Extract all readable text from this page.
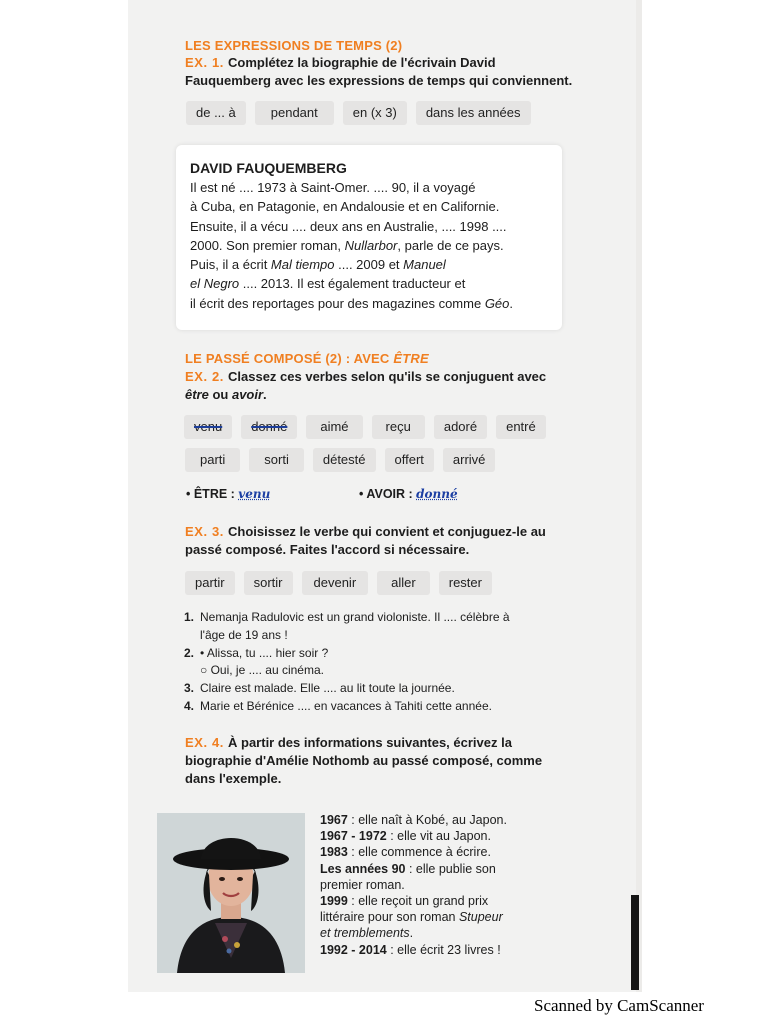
LES EXPRESSIONS DE TEMPS (2)
EX. 1. Complétez la biographie de l'écrivain David
Fauquemberg avec les expressions de temps qui conviennent.
de ... à	pendant	en (x 3)	dans les années
DAVID FAUQUEMBERG
Il est né .... 1973 à Saint-Omer. .... 90, il a voyagé
à Cuba, en Patagonie, en Andalousie et en Californie.
Ensuite, il a vécu .... deux ans en Australie, .... 1998 ....
2000. Son premier roman, Nullarbor, parle de ce pays.
Puis, il a écrit Mal tiempo .... 2009 et Manuel
el Negro .... 2013. Il est également traducteur et
il écrit des reportages pour des magazines comme Géo.
LE PASSÉ COMPOSÉ (2) : AVEC ÊTRE
EX. 2. Classez ces verbes selon qu'ils se conjuguent avec
être ou avoir.
venu	donné	aimé	reçu	adoré	entré
parti	sorti	détesté	offert	arrivé
• ÊTRE : venu	• AVOIR : donné
EX. 3. Choisissez le verbe qui convient et conjuguez-le au
passé composé. Faites l'accord si nécessaire.
partir	sortir	devenir	aller	rester
1. Nemanja Radulovic est un grand violoniste. Il .... célèbre à
l'âge de 19 ans !
2. • Alissa, tu .... hier soir ?
○ Oui, je .... au cinéma.
3. Claire est malade. Elle .... au lit toute la journée.
4. Marie et Bérénice .... en vacances à Tahiti cette année.
EX. 4. À partir des informations suivantes, écrivez la
biographie d'Amélie Nothomb au passé composé, comme
dans l'exemple.
1967 : elle naît à Kobé, au Japon.
1967 - 1972 : elle vit au Japon.
1983 : elle commence à écrire.
Les années 90 : elle publie son
premier roman.
1999 : elle reçoit un grand prix
littéraire pour son roman Stupeur
et tremblements.
1992 - 2014 : elle écrit 23 livres !
Scanned by CamScanner
